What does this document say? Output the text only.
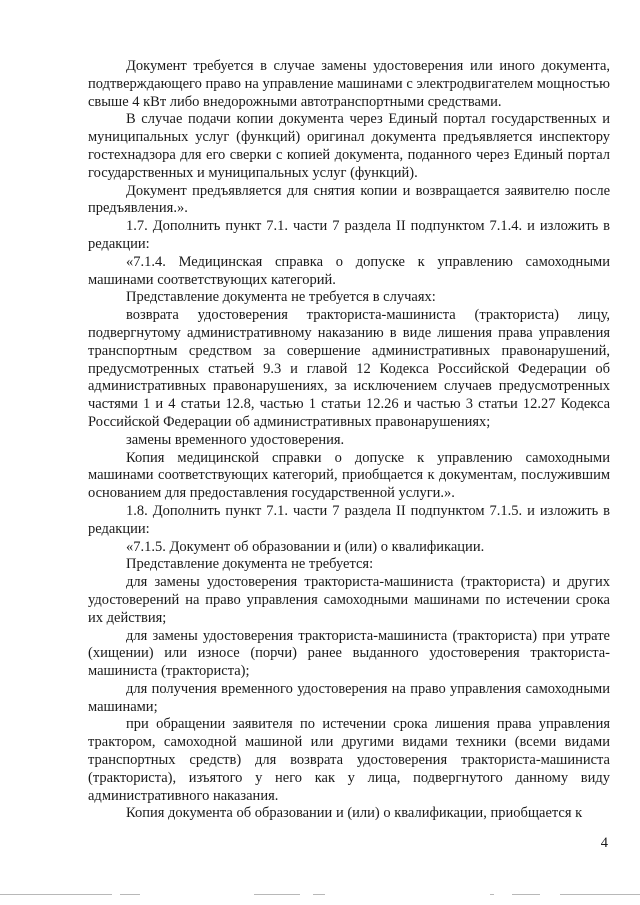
Документ требуется в случае замены удостоверения или иного документа, подтверждающего право на управление машинами с электродвигателем мощностью свыше 4 кВт либо внедорожными автотранспортными средствами.

В случае подачи копии документа через Единый портал государственных и муниципальных услуг (функций) оригинал документа предъявляется инспектору гостехнадзора для его сверки с копией документа, поданного через Единый портал государственных и муниципальных услуг (функций).

Документ предъявляется для снятия копии и возвращается заявителю после предъявления.».

1.7. Дополнить пункт 7.1. части 7 раздела II подпунктом 7.1.4. и изложить в редакции:

«7.1.4. Медицинская справка о допуске к управлению самоходными машинами соответствующих категорий.

Представление документа не требуется в случаях:

возврата удостоверения тракториста-машиниста (тракториста) лицу, подвергнутому административному наказанию в виде лишения права управления транспортным средством за совершение административных правонарушений, предусмотренных статьей 9.3 и главой 12 Кодекса Российской Федерации об административных правонарушениях, за исключением случаев предусмотренных частями 1 и 4 статьи 12.8, частью 1 статьи 12.26 и частью 3 статьи 12.27 Кодекса Российской Федерации об административных правонарушениях;

замены временного удостоверения.

Копия медицинской справки о допуске к управлению самоходными машинами соответствующих категорий, приобщается к документам, послужившим основанием для предоставления государственной услуги.».

1.8. Дополнить пункт 7.1. части 7 раздела II подпунктом 7.1.5. и изложить в редакции:

«7.1.5. Документ об образовании и (или) о квалификации.

Представление документа не требуется:

для замены удостоверения тракториста-машиниста (тракториста) и других удостоверений на право управления самоходными машинами по истечении срока их действия;

для замены удостоверения тракториста-машиниста (тракториста) при утрате (хищении) или износе (порчи) ранее выданного удостоверения тракториста-машиниста (тракториста);

для получения временного удостоверения на право управления самоходными машинами;

при обращении заявителя по истечении срока лишения права управления трактором, самоходной машиной или другими видами техники (всеми видами транспортных средств) для возврата удостоверения тракториста-машиниста (тракториста), изъятого у него как у лица, подвергнутого данному виду административного наказания.

Копия документа об образовании и (или) о квалификации, приобщается к

4
